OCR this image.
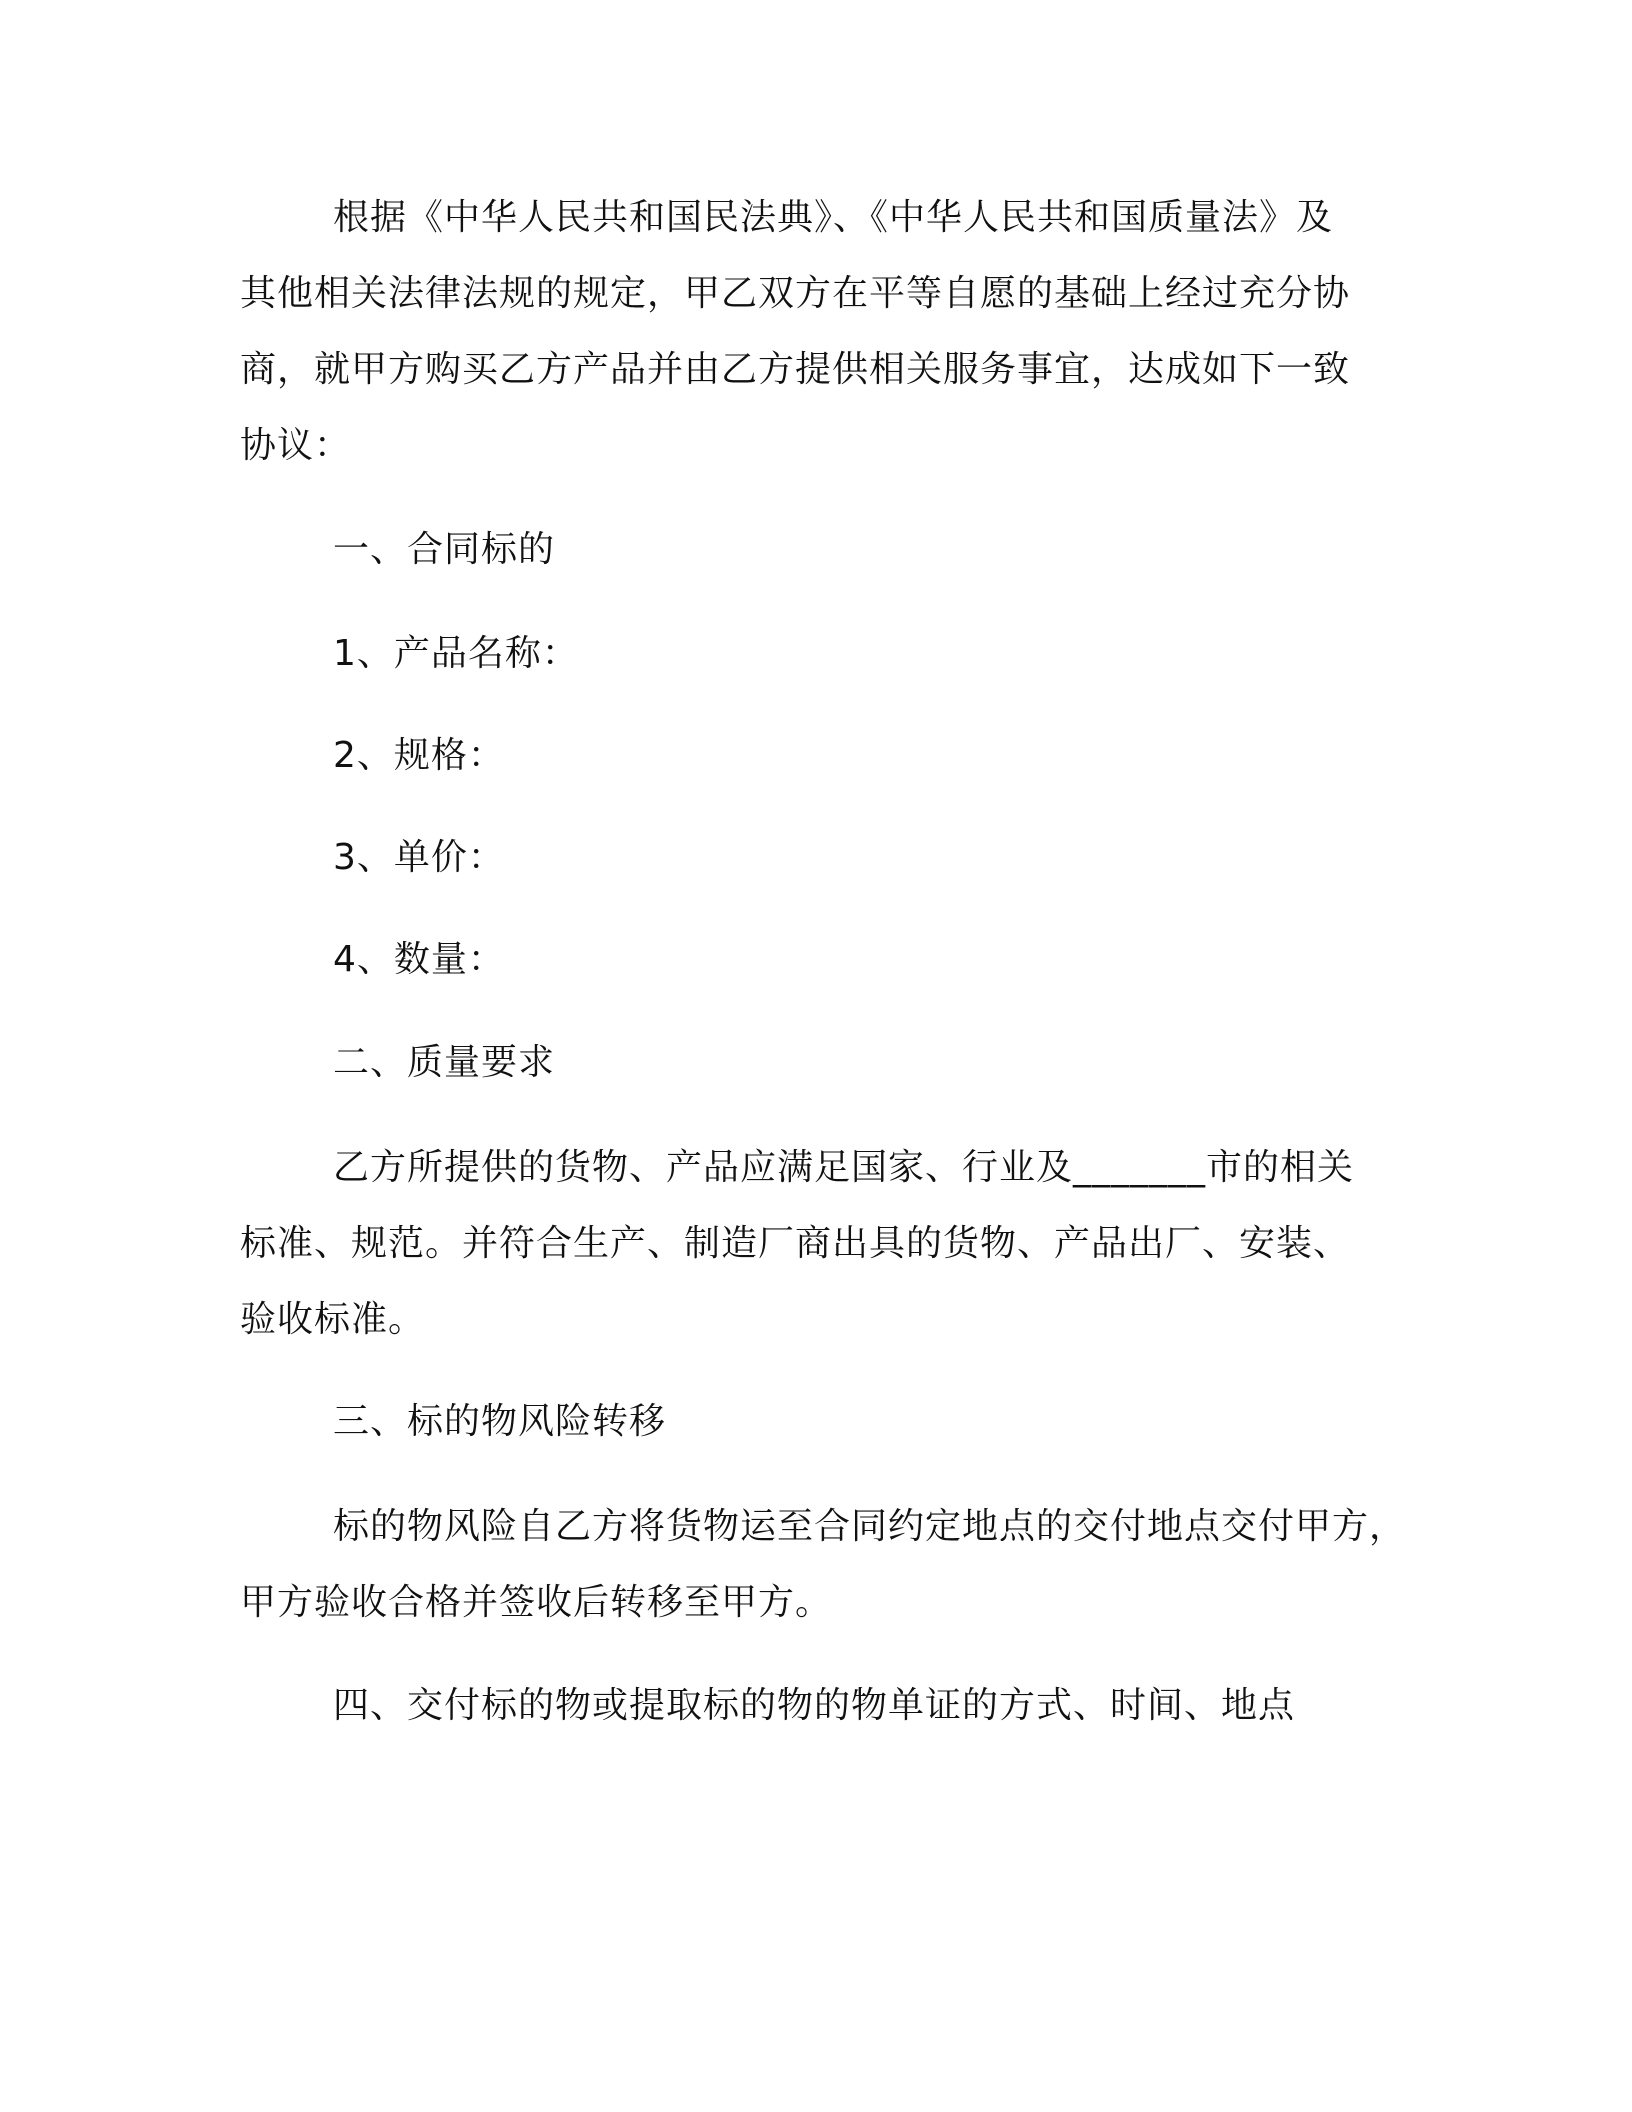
根据《中华人民共和国民法典》、《中华人民共和国质量法》及
其他相关法律法规的规定，甲乙双方在平等自愿的基础上经过充分协
商，就甲方购买乙方产品并由乙方提供相关服务事宜，达成如下一致
协议：
一、合同标的
1、产品名称：
2、规格：
3、单价：
4、数量：
二、质量要求
乙方所提供的货物、产品应满足国家、行业及_______市的相关
标准、规范。并符合生产、制造厂商出具的货物、产品出厂、安装、
验收标准。
三、标的物风险转移
标的物风险自乙方将货物运至合同约定地点的交付地点交付甲方，
甲方验收合格并签收后转移至甲方。
四、交付标的物或提取标的物的物单证的方式、时间、地点
